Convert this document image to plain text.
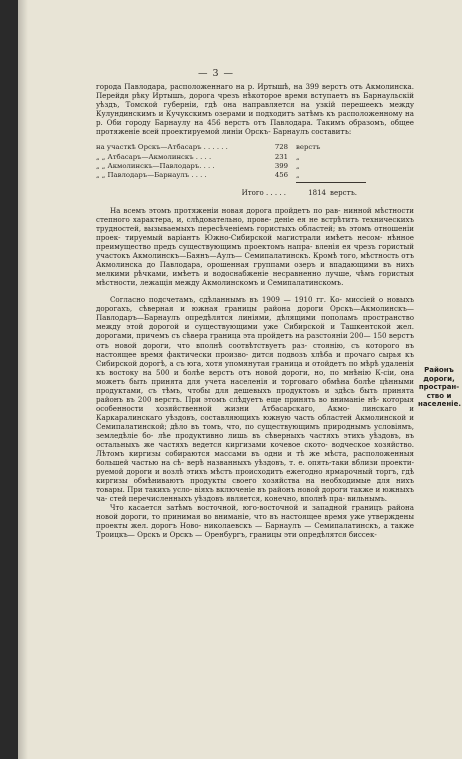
— 3 —

города Павлодара, расположеннаго на р. Иртышѣ, на 399 верстъ отъ Акмолинска. Перейдя рѣку Иртышъ, дорога чрезъ нѣкоторое время вступаетъ въ Барнаульскій уѣздъ, Томской губерніи, гдѣ она направляется на узкій перешеекъ между Кулундинскимъ и Кучукскимъ озерами и подходитъ затѣмъ къ расположенному на р. Оби городу Барнаулу на 456 верстъ отъ Павлодара. Такимъ образомъ, общее протяженіе всей проектируемой линіи Орскъ- Барнаулъ составитъ:

на участкѣ Орскъ—Атбасаръ . . . . . .	728	верстъ
„ „ Атбасаръ—Акмолинскъ . . . .	231	„
„ „ Акмолинскъ—Павлодаръ. . . .	399	„
„ „ Павлодаръ—Барнаулъ . . . .	456	„
Итого . . . . .	1814 верстъ.

На всемъ этомъ протяженіи новая дорога пройдетъ по рав- нинной мѣстности степного характера, и, слѣдовательно, прове- деніе ея не встрѣтитъ техническихъ трудностей, вызываемыхъ пересѣченіемъ гористыхъ областей; въ этомъ отношеніи проек- тируемый варіантъ Южно-Сибирской магистрали имѣетъ несом- нѣнное преимущество предъ существующимъ проектомъ напра- вленія ея чрезъ гористый участокъ Акмолинскъ—Баянъ—Аулъ— Семипалатинскъ. Кромѣ того, мѣстность отъ Акмолинска до Павлодара, орошенная группами озеръ и впадающими въ нихъ мелкими рѣчками, имѣетъ и водоснабженіе несравненно лучше, чѣмъ гористыя мѣстности, лежащія между Акмолинскомъ и Семипалатинскомъ.

Согласно подсчетамъ, сдѣланнымъ въ 1909 — 1910 гг. Ко- миссіей о новыхъ дорогахъ, сѣверная и южная границы района дороги Орскъ—Акмолинскъ—Павлодаръ—Барнаулъ опредѣлятся линіями, дѣлящими пополамъ пространство между этой дорогой и существующими уже Сибирской и Ташкентской жел. дорогами, причемъ съ сѣвера граница эта пройдетъ на разстояніи 200— 150 верстъ отъ новой дороги, что вполнѣ соотвѣтствуетъ раз- стоянію, съ которого въ настоящее время фактически произво- дится подвозъ хлѣба и прочаго сырья къ Сибирской дорогѣ, а съ юга, хотя упомянутая граница и отойдетъ по мѣрѣ удаленія къ востоку на 500 и болѣе верстъ отъ новой дороги, но, по мнѣнію К-сіи, она можетъ быть принята для учета населенія и торговаго обмѣна болѣе цѣнными продуктами, съ тѣмъ, чтобы для дешевыхъ продуктовъ и здѣсь быть принята районъ въ 200 верстъ. При этомъ слѣдуетъ еще принять во вниманіе нѣ- которыя особенности хозяйственной жизни Атбасарскаго, Акмо- линскаго и Каркаралинскаго уѣздовъ, составляющихъ южную часть областей Акмолинской и Семипалатинской; дѣло въ томъ, что, по существующимъ природнымъ условіямъ, земледѣліе бо- лѣе продуктивно лишь въ сѣверныхъ частяхъ этихъ уѣздовъ, въ остальныхъ же частяхъ ведется киргизами кочевое ското- водческое хозяйство. Лѣтомъ киргизы собираются массами въ одни и тѣ же мѣста, расположенныя большей частью на сѣ- верѣ названныхъ уѣздовъ, т. е. опять-таки вблизи проекти- руемой дороги и возлѣ этихъ мѣстъ происходитъ ежегодно ярмарочный торгъ, гдѣ киргизы обмѣниваютъ продукты своего хозяйства на необходимые для нихъ товары. При такихъ усло- віяхъ включеніе въ районъ новой дороги также и южныхъ ча- стей перечисленныхъ уѣздовъ является, конечно, вполнѣ пра- вильнымъ.

Что касается затѣмъ восточной, юго-восточной и западной границъ района новой дороги, то принимая во вниманіе, что въ настоящее время уже утверждены проекты жел. дорогъ Ново- николаевскъ — Барнаулъ — Семипалатинскъ, а также Троицкъ— Орскъ и Орскъ — Оренбургъ, границы эти опредѣлятся биссек-

Районъ
дороги,
простран-
ство и
населеніе.
